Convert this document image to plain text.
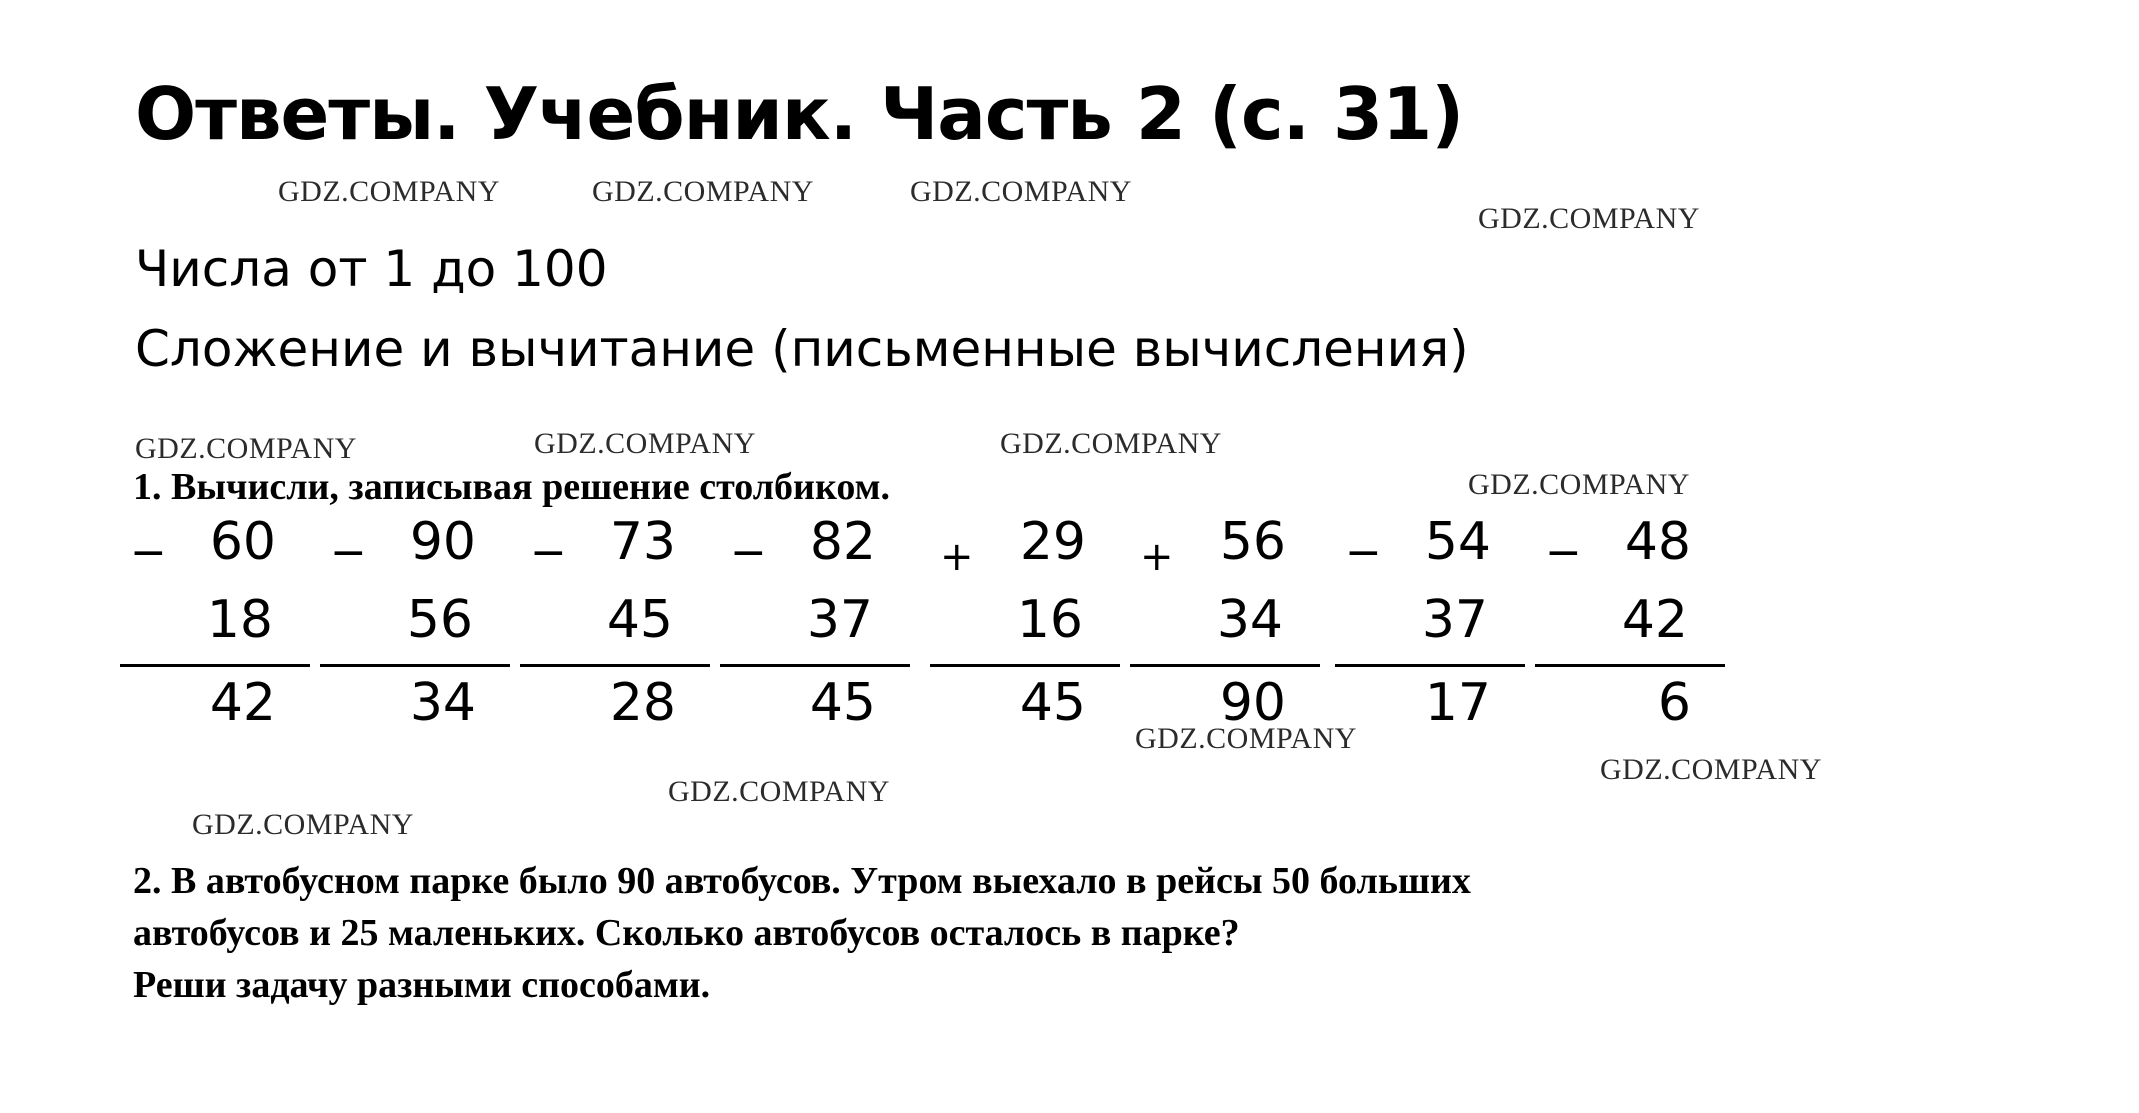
GDZ.COMPANY	GDZ.COMPANY	GDZ.COMPANY
GDZ.COMPANY
GDZ.COMPANY	GDZ.COMPANY	GDZ.COMPANY
GDZ.COMPANY
GDZ.COMPANY
GDZ.COMPANY
GDZ.COMPANY
GDZ.COMPANY
Ответы. Учебник. Часть 2 (с. 31)
Числа от 1 до 100
Сложение и вычитание (письменные вычисления)
1. Вычисли, записывая решение столбиком.
− 60
18
42
− 90
56
34
− 73
45
28
− 82
37
45
+ 29
16
45
+ 56
34
90
− 54
37
17
− 48
42
6
2. В автобусном парке было 90 автобусов. Утром выехало в рейсы 50 больших
автобусов и 25 маленьких. Сколько автобусов осталось в парке?
Реши задачу разными способами.
